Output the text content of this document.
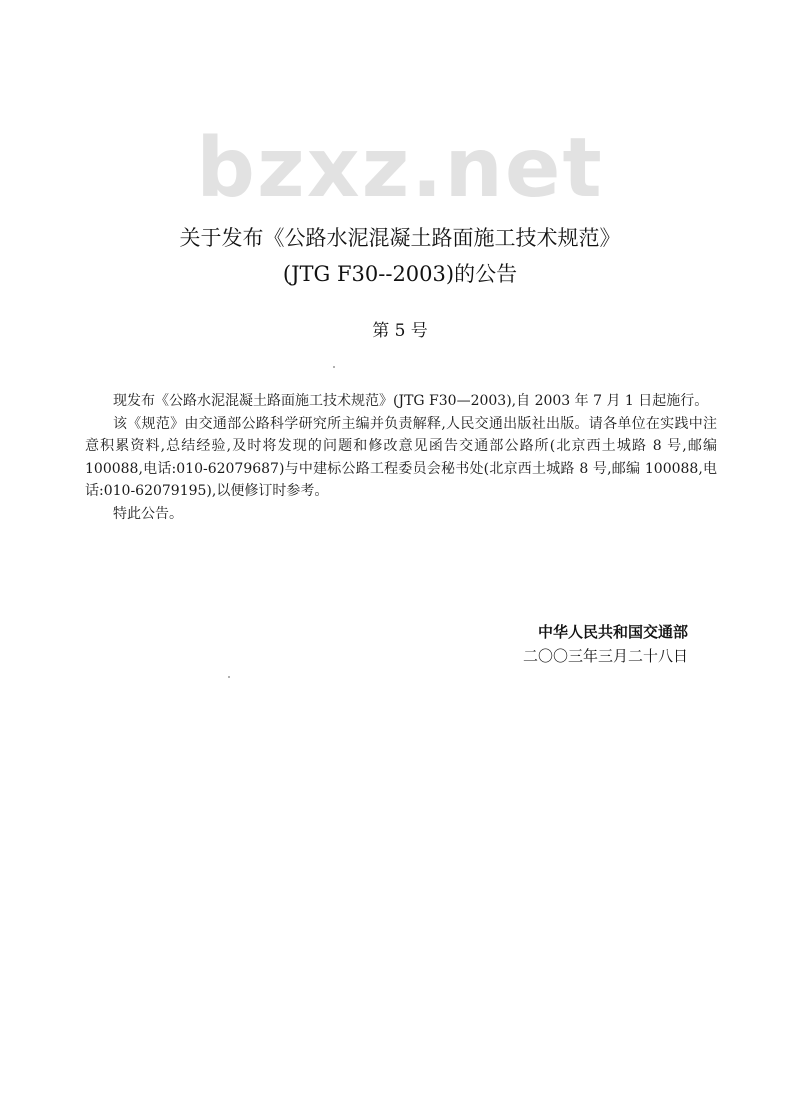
bzxz.net
关于发布《公路水泥混凝土路面施工技术规范》
(JTG F30--2003)的公告
第 5 号

现发布《公路水泥混凝土路面施工技术规范》(JTG F30—2003),自 2003 年 7 月 1 日起施行。

该《规范》由交通部公路科学研究所主编并负责解释,人民交通出版社出版。请各单位在实践中注意积累资料,总结经验,及时将发现的问题和修改意见函告交通部公路所(北京西土城路 8 号,邮编 100088,电话:010-62079687)与中建标公路工程委员会秘书处(北京西土城路 8 号,邮编 100088,电话:010-62079195),以便修订时参考。

特此公告。

中华人民共和国交通部
二〇〇三年三月二十八日
